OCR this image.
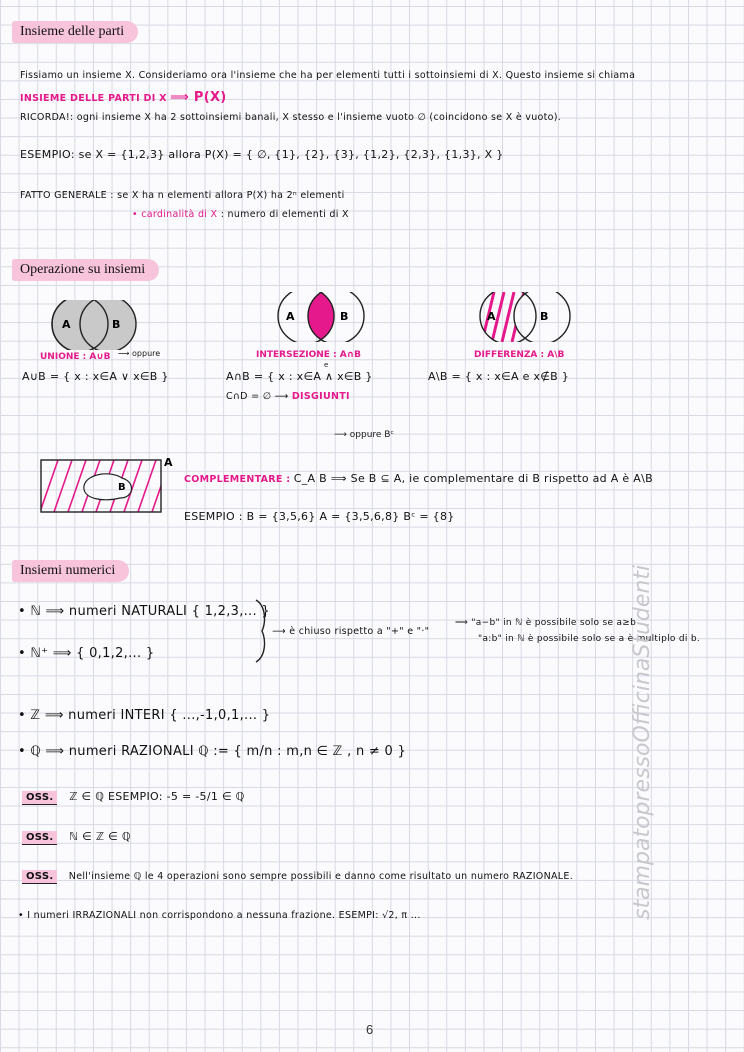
Insieme delle parti
Fissiamo un insieme X. Consideriamo ora l'insieme che ha per elementi tutti i sottoinsiemi di X. Questo insieme si chiama
INSIEME DELLE PARTI DI X ⟹ P(X)
RICORDA!: ogni insieme X ha 2 sottoinsiemi banali, X stesso e l'insieme vuoto ∅ (coincidono se X è vuoto).
ESEMPIO: se X = {1,2,3} allora P(X) = { ∅, {1}, {2}, {3}, {1,2}, {2,3}, {1,3}, X }
FATTO GENERALE : se X ha n elementi allora P(X) ha 2ⁿ elementi
• cardinalità di X : numero di elementi di X
Operazione su insiemi
A	B
UNIONE : A∪B ⟶ oppure
A∪B = { x : x∈A ∨ x∈B }
A	B
INTERSEZIONE : A∩B
A∩B = { x : x∈A ∧ x∈B }
e
C∩D = ∅ ⟶ DISGIUNTI
A	B
DIFFERENZA : A\B
A\B = { x : x∈A e x∉B }
B
A
⟶ oppure Bᶜ
COMPLEMENTARE : C_A B ⟹ Se B ⊆ A, ie complementare di B rispetto ad A è A\B
ESEMPIO : B = {3,5,6} A = {3,5,6,8} Bᶜ = {8}
Insiemi numerici
• ℕ ⟹ numeri NATURALI { 1,2,3,... }
• ℕ⁺ ⟹ { 0,1,2,... }
⟶ è chiuso rispetto a "+" e "·"
⟹ "a−b" in ℕ è possibile solo se a≥b
"a:b" in ℕ è possibile solo se a è multiplo di b.
• ℤ ⟹ numeri INTERI { ...,-1,0,1,... }
• ℚ ⟹ numeri RAZIONALI ℚ := { m/n : m,n ∈ ℤ , n ≠ 0 }
OSS. ℤ ∈ ℚ ESEMPIO: -5 = -5/1 ∈ ℚ
OSS. ℕ ∈ ℤ ∈ ℚ
OSS. Nell'insieme ℚ le 4 operazioni sono sempre possibili e danno come risultato un numero RAZIONALE.
• I numeri IRRAZIONALI non corrispondono a nessuna frazione. ESEMPI: √2, π ...	stampatopressoOfficinaStudenti
6
